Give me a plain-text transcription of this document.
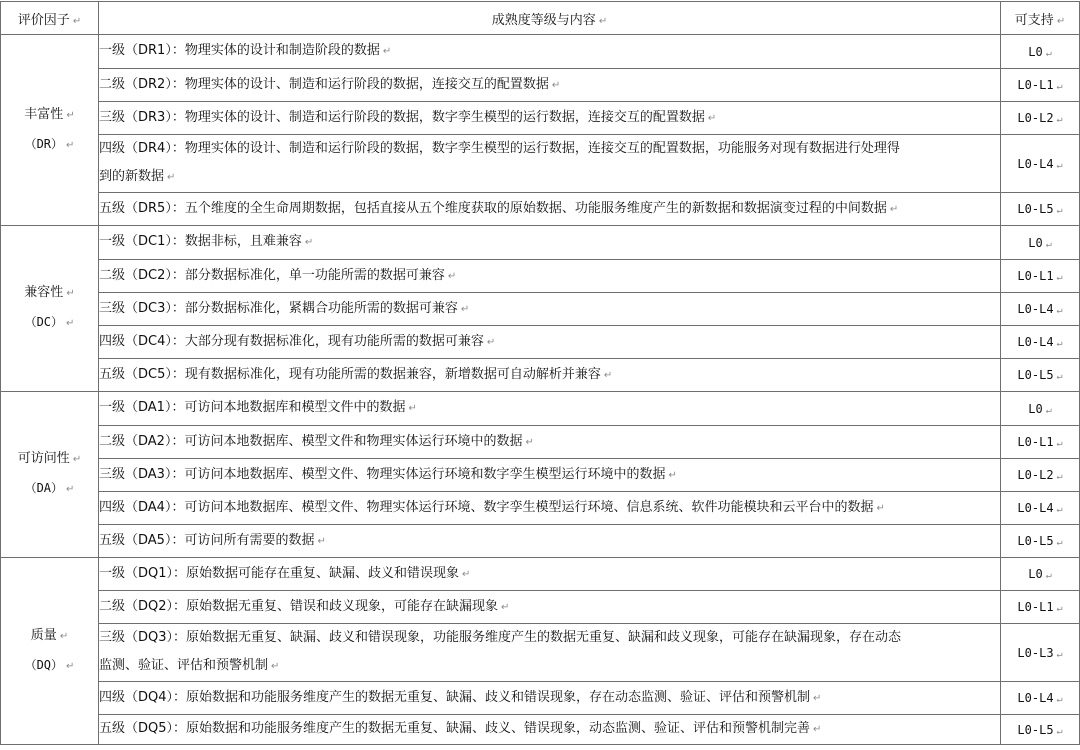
评价因子 ↵	成熟度等级与内容 ↵	可支持 ↵

丰富性 ↵
（DR） ↵	一级（DR1）：物理实体的设计和制造阶段的数据 ↵	L0 ↵
	二级（DR2）：物理实体的设计、制造和运行阶段的数据，连接交互的配置数据 ↵	L0-L1 ↵
	三级（DR3）：物理实体的设计、制造和运行阶段的数据，数字孪生模型的运行数据，连接交互的配置数据 ↵	L0-L2 ↵
	四级（DR4）：物理实体的设计、制造和运行阶段的数据，数字孪生模型的运行数据，连接交互的配置数据，功能服务对现有数据进行处理得
到的新数据 ↵	L0-L4 ↵
	五级（DR5）：五个维度的全生命周期数据，包括直接从五个维度获取的原始数据、功能服务维度产生的新数据和数据演变过程的中间数据 ↵	L0-L5 ↵

兼容性 ↵
（DC） ↵	一级（DC1）：数据非标，且难兼容 ↵	L0 ↵
	二级（DC2）：部分数据标准化，单一功能所需的数据可兼容 ↵	L0-L1 ↵
	三级（DC3）：部分数据标准化，紧耦合功能所需的数据可兼容 ↵	L0-L4 ↵
	四级（DC4）：大部分现有数据标准化，现有功能所需的数据可兼容 ↵	L0-L4 ↵
	五级（DC5）：现有数据标准化，现有功能所需的数据兼容，新增数据可自动解析并兼容 ↵	L0-L5 ↵

可访问性 ↵
（DA） ↵	一级（DA1）：可访问本地数据库和模型文件中的数据 ↵	L0 ↵
	二级（DA2）：可访问本地数据库、模型文件和物理实体运行环境中的数据 ↵	L0-L1 ↵
	三级（DA3）：可访问本地数据库、模型文件、物理实体运行环境和数字孪生模型运行环境中的数据 ↵	L0-L2 ↵
	四级（DA4）：可访问本地数据库、模型文件、物理实体运行环境、数字孪生模型运行环境、信息系统、软件功能模块和云平台中的数据 ↵	L0-L4 ↵
	五级（DA5）：可访问所有需要的数据 ↵	L0-L5 ↵

质量 ↵
（DQ） ↵	一级（DQ1）：原始数据可能存在重复、缺漏、歧义和错误现象 ↵	L0 ↵
	二级（DQ2）：原始数据无重复、错误和歧义现象，可能存在缺漏现象 ↵	L0-L1 ↵
	三级（DQ3）：原始数据无重复、缺漏、歧义和错误现象，功能服务维度产生的数据无重复、缺漏和歧义现象，可能存在缺漏现象，存在动态
监测、验证、评估和预警机制 ↵	L0-L3 ↵
	四级（DQ4）：原始数据和功能服务维度产生的数据无重复、缺漏、歧义和错误现象，存在动态监测、验证、评估和预警机制 ↵	L0-L4 ↵
	五级（DQ5）：原始数据和功能服务维度产生的数据无重复、缺漏、歧义、错误现象，动态监测、验证、评估和预警机制完善 ↵	L0-L5 ↵
